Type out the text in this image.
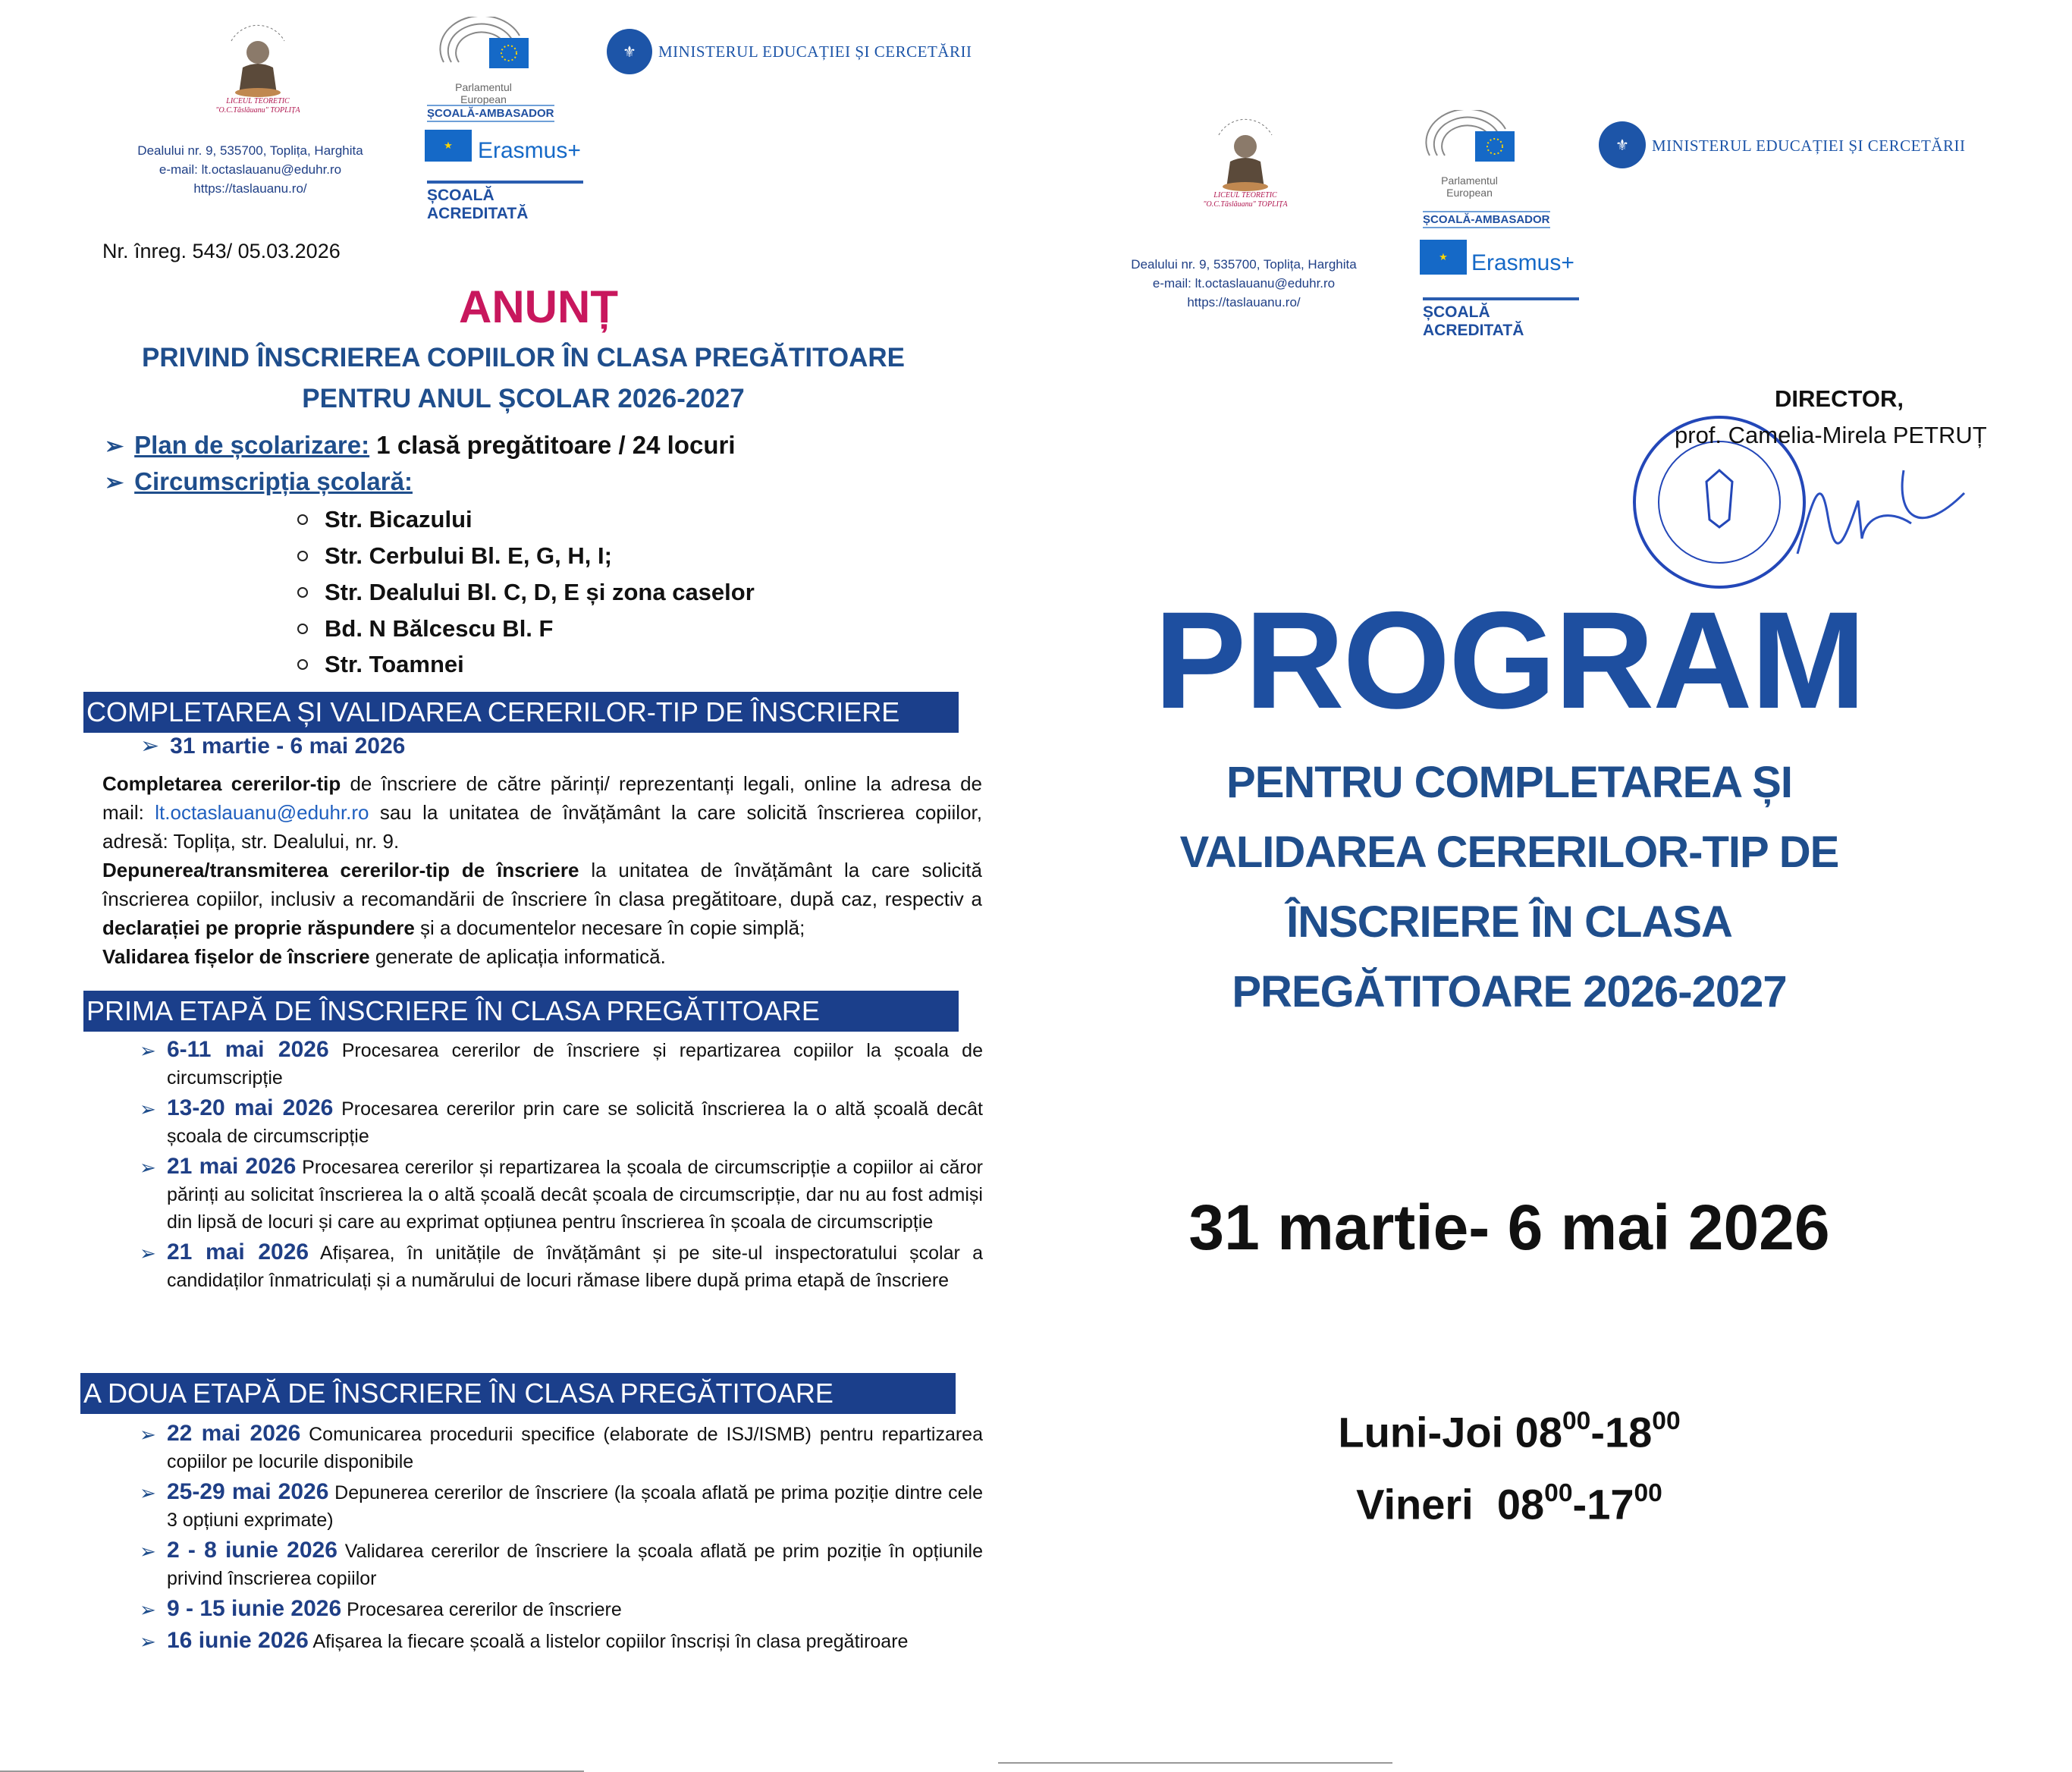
LICEUL TEORETIC "O.C.Tăslăuanu" TOPLIȚA
Dealului nr. 9, 535700, Toplița, Harghita
e-mail: lt.octaslauanu@eduhr.ro
https://taslauanu.ro/
Parlamentul European
ȘCOALĂ-AMBASADOR
★	Erasmus+
ȘCOALĂ ACREDITATĂ
⚜	MINISTERUL EDUCAȚIEI ȘI CERCETĂRII
Nr. înreg. 543/ 05.03.2026
ANUNȚ
PRIVIND ÎNSCRIEREA COPIILOR ÎN CLASA PREGĂTITOARE
PENTRU ANUL ȘCOLAR 2026-2027
➢ Plan de școlarizare: 1 clasă pregătitoare / 24 locuri
➢ Circumscripția școlară:
Str. Bicazului
Str. Cerbului Bl. E, G, H, I;
Str. Dealului Bl. C, D, E și zona caselor
Bd. N Bălcescu Bl. F
Str. Toamnei
COMPLETAREA ȘI VALIDAREA CERERILOR-TIP DE ÎNSCRIERE
➢ 31 martie - 6 mai 2026
Completarea cererilor-tip de înscriere de către părinți/ reprezentanți legali, online la adresa de mail: lt.octaslauanu@eduhr.ro sau la unitatea de învățământ la care solicită înscrierea copiilor, adresă: Toplița, str. Dealului, nr. 9.
Depunerea/transmiterea cererilor-tip de înscriere la unitatea de învățământ la care solicită înscrierea copiilor, inclusiv a recomandării de înscriere în clasa pregătitoare, după caz, respectiv a declarației pe proprie răspundere și a documentelor necesare în copie simplă;
Validarea fișelor de înscriere generate de aplicația informatică.
PRIMA ETAPĂ DE ÎNSCRIERE ÎN CLASA PREGĂTITOARE
➢ 6-11 mai 2026 Procesarea cererilor de înscriere și repartizarea copiilor la școala de circumscripție
➢ 13-20 mai 2026 Procesarea cererilor prin care se solicită înscrierea la o altă școală decât școala de circumscripție
➢ 21 mai 2026 Procesarea cererilor și repartizarea la școala de circumscripție a copiilor ai căror părinți au solicitat înscrierea la o altă școală decât școala de circumscripție, dar nu au fost admiși din lipsă de locuri și care au exprimat opțiunea pentru înscrierea în școala de circumscripție
➢ 21 mai 2026 Afișarea, în unitățile de învățământ și pe site-ul inspectoratului școlar a candidaților înmatriculați și a numărului de locuri rămase libere după prima etapă de înscriere
A DOUA ETAPĂ DE ÎNSCRIERE ÎN CLASA PREGĂTITOARE
➢ 22 mai 2026 Comunicarea procedurii specifice (elaborate de ISJ/ISMB) pentru repartizarea copiilor pe locurile disponibile
➢ 25-29 mai 2026 Depunerea cererilor de înscriere (la școala aflată pe prima poziție dintre cele 3 opțiuni exprimate)
➢ 2 - 8 iunie 2026 Validarea cererilor de înscriere la școala aflată pe prim poziție în opțiunile privind înscrierea copiilor
➢ 9 - 15 iunie 2026 Procesarea cererilor de înscriere
➢ 16 iunie 2026 Afișarea la fiecare școală a listelor copiilor înscriși în clasa pregătiroare
LICEUL TEORETIC "O.C.Tăslăuanu" TOPLIȚA
Dealului nr. 9, 535700, Toplița, Harghita
e-mail: lt.octaslauanu@eduhr.ro
https://taslauanu.ro/
Parlamentul European
ȘCOALĂ-AMBASADOR
★	Erasmus+
ȘCOALĂ ACREDITATĂ
⚜	MINISTERUL EDUCAȚIEI ȘI CERCETĂRII
DIRECTOR,
prof. Camelia-Mirela PETRUȚ
PROGRAM
PENTRU COMPLETAREA ȘI
VALIDAREA CERERILOR-TIP DE
ÎNSCRIERE ÎN CLASA
PREGĂTITOARE 2026-2027
31 martie- 6 mai 2026
Luni-Joi $08^{00}-18^{00}$
Vineri $08^{00}-17^{00}$
